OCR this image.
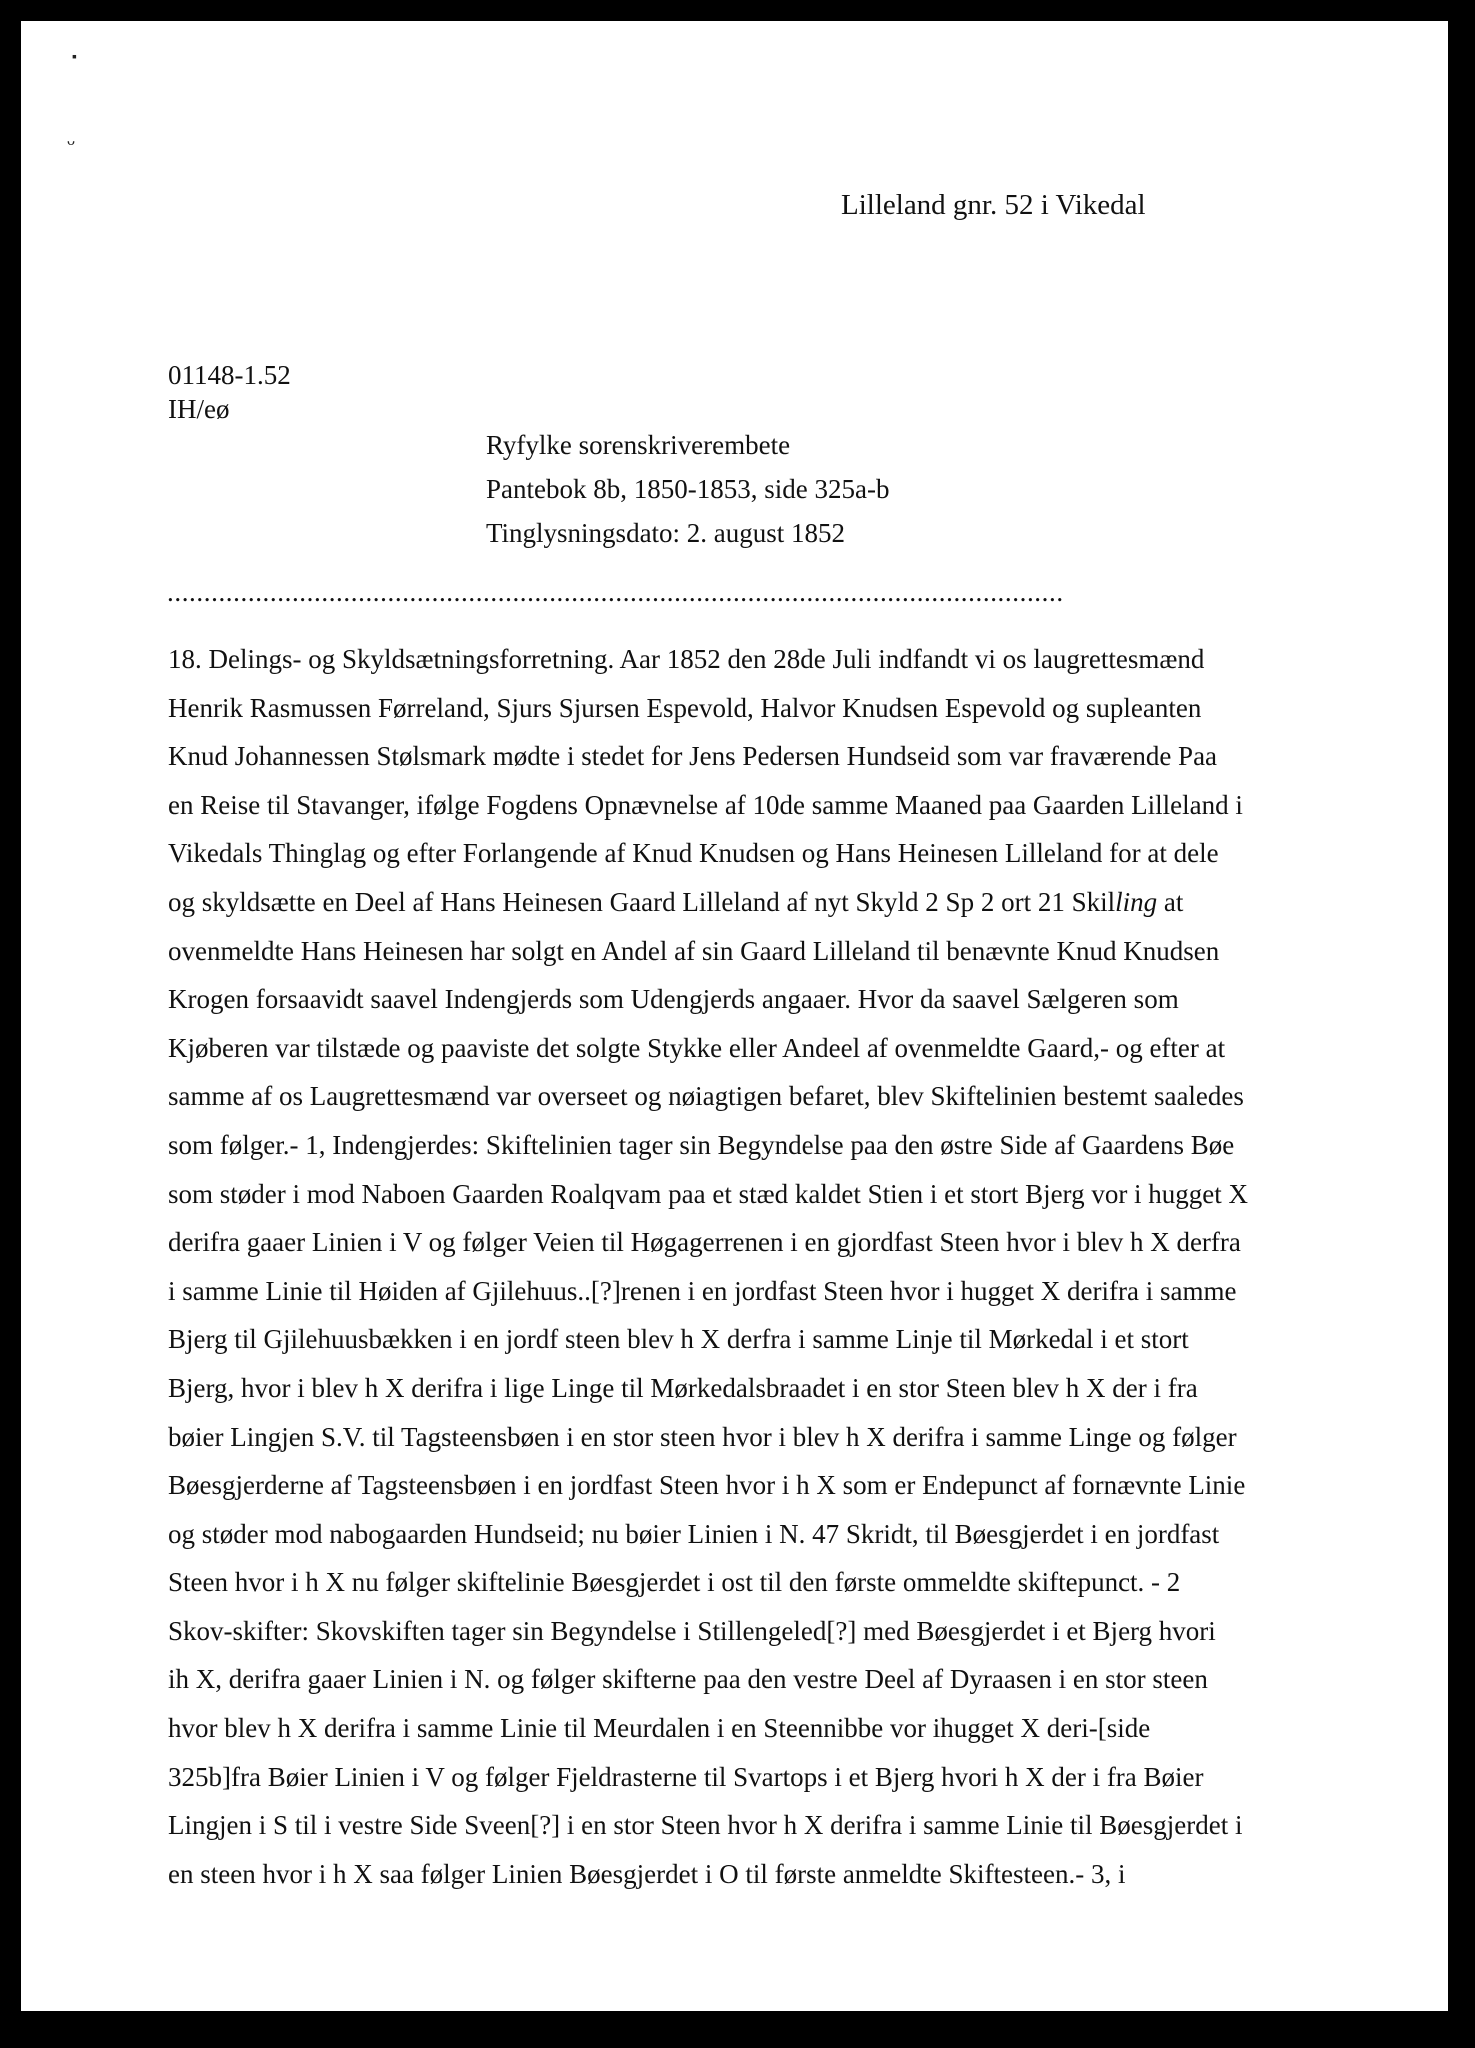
▪
ᴗ
Lilleland gnr. 52 i Vikedal
01148-1.52
IH/eø
Ryfylke sorenskriverembete
Pantebok 8b, 1850-1853, side 325a-b
Tinglysningsdato: 2. august 1852
..........................................................................................................................
18. Delings- og Skyldsætningsforretning. Aar 1852 den 28de Juli indfandt vi os laugrettesmænd
Henrik Rasmussen Førreland, Sjurs Sjursen Espevold, Halvor Knudsen Espevold og supleanten
Knud Johannessen Stølsmark mødte i stedet for Jens Pedersen Hundseid som var fraværende Paa
en Reise til Stavanger, ifølge Fogdens Opnævnelse af 10de samme Maaned paa Gaarden Lilleland i
Vikedals Thinglag og efter Forlangende af Knud Knudsen og Hans Heinesen Lilleland for at dele
og skyldsætte en Deel af Hans Heinesen Gaard Lilleland af nyt Skyld 2 Sp 2 ort 21 Skilling at
ovenmeldte Hans Heinesen har solgt en Andel af sin Gaard Lilleland til benævnte Knud Knudsen
Krogen forsaavidt saavel Indengjerds som Udengjerds angaaer. Hvor da saavel Sælgeren som
Kjøberen var tilstæde og paaviste det solgte Stykke eller Andeel af ovenmeldte Gaard,- og efter at
samme af os Laugrettesmænd var overseet og nøiagtigen befaret, blev Skiftelinien bestemt saaledes
som følger.- 1, Indengjerdes: Skiftelinien tager sin Begyndelse paa den østre Side af Gaardens Bøe
som støder i mod Naboen Gaarden Roalqvam paa et stæd kaldet Stien i et stort Bjerg vor i hugget X
derifra gaaer Linien i V og følger Veien til Høgagerrenen i en gjordfast Steen hvor i blev h X derfra
i samme Linie til Høiden af Gjilehuus..[?]renen i en jordfast Steen hvor i hugget X derifra i samme
Bjerg til Gjilehuusbækken i en jordf steen blev h X derfra i samme Linje til Mørkedal i et stort
Bjerg, hvor i blev h X derifra i lige Linge til Mørkedalsbraadet i en stor Steen blev h X der i fra
bøier Lingjen S.V. til Tagsteensbøen i en stor steen hvor i blev h X derifra i samme Linge og følger
Bøesgjerderne af Tagsteensbøen i en jordfast Steen hvor i h X som er Endepunct af fornævnte Linie
og støder mod nabogaarden Hundseid; nu bøier Linien i N. 47 Skridt, til Bøesgjerdet i en jordfast
Steen hvor i h X nu følger skiftelinie Bøesgjerdet i ost til den første ommeldte skiftepunct. - 2
Skov-skifter: Skovskiften tager sin Begyndelse i Stillengeled[?] med Bøesgjerdet i et Bjerg hvori
ih X, derifra gaaer Linien i N. og følger skifterne paa den vestre Deel af Dyraasen i en stor steen
hvor blev h X derifra i samme Linie til Meurdalen i en Steennibbe vor ihugget X deri-[side
325b]fra Bøier Linien i V og følger Fjeldrasterne til Svartops i et Bjerg hvori h X der i fra Bøier
Lingjen i S til i vestre Side Sveen[?] i en stor Steen hvor h X derifra i samme Linie til Bøesgjerdet i
en steen hvor i h X saa følger Linien Bøesgjerdet i O til første anmeldte Skiftesteen.- 3, i
